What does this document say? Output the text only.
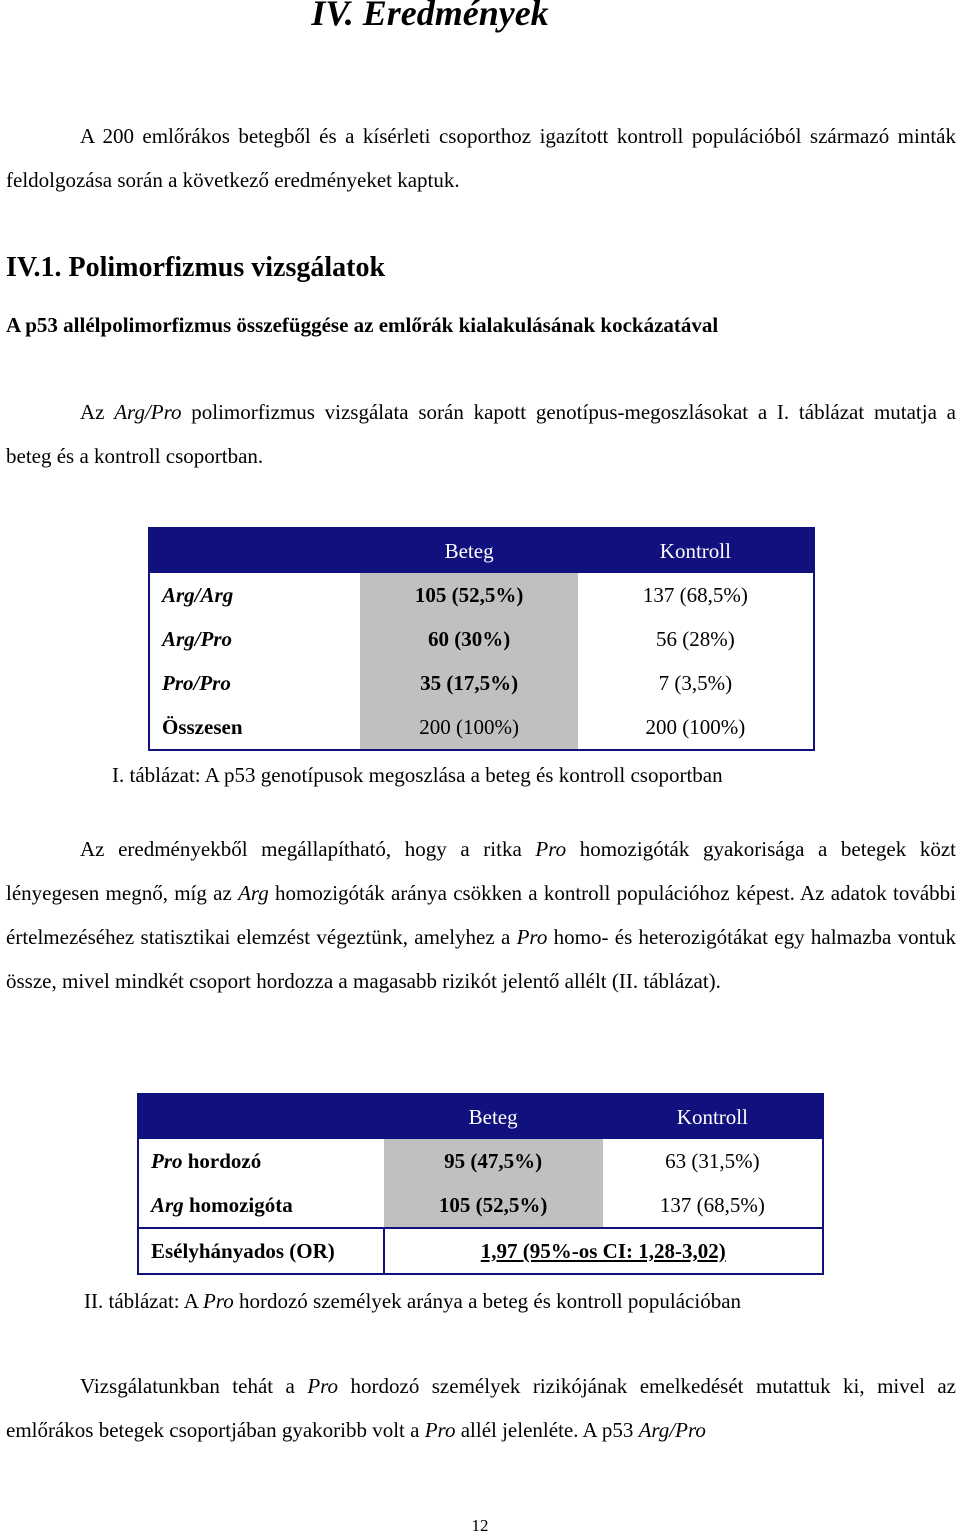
IV. Eredmények
A 200 emlőrákos betegből és a kísérleti csoporthoz igazított kontroll populációból származó minták feldolgozása során a következő eredményeket kaptuk.
IV.1. Polimorfizmus vizsgálatok
A p53 allélpolimorfizmus összefüggése az emlőrák kialakulásának kockázatával
Az Arg/Pro polimorfizmus vizsgálata során kapott genotípus-megoszlásokat a I. táblázat mutatja a beteg és a kontroll csoportban.
	Beteg	Kontroll
Arg/Arg	105 (52,5%)	137 (68,5%)
Arg/Pro	60 (30%)	56 (28%)
Pro/Pro	35 (17,5%)	7 (3,5%)
Összesen	200 (100%)	200 (100%)
I. táblázat: A p53 genotípusok megoszlása a beteg és kontroll csoportban
Az eredményekből megállapítható, hogy a ritka Pro homozigóták gyakorisága a betegek közt lényegesen megnő, míg az Arg homozigóták aránya csökken a kontroll populációhoz képest. Az adatok további értelmezéséhez statisztikai elemzést végeztünk, amelyhez a Pro homo- és heterozigótákat egy halmazba vontuk össze, mivel mindkét csoport hordozza a magasabb rizikót jelentő allélt (II. táblázat).
	Beteg	Kontroll
Pro hordozó	95 (47,5%)	63 (31,5%)
Arg homozigóta	105 (52,5%)	137 (68,5%)
Esélyhányados (OR)	1,97 (95%-os CI: 1,28-3,02)	
II. táblázat: A Pro hordozó személyek aránya a beteg és kontroll populációban
Vizsgálatunkban tehát a Pro hordozó személyek rizikójának emelkedését mutattuk ki, mivel az emlőrákos betegek csoportjában gyakoribb volt a Pro allél jelenléte. A p53 Arg/Pro
12
